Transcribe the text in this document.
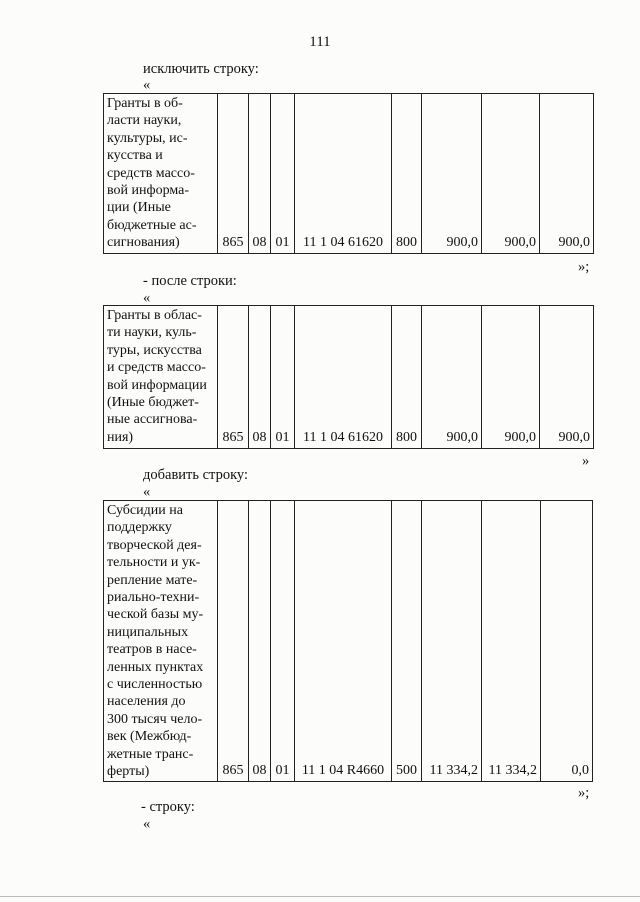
111
исключить строку:
«
Гранты в об-
ласти науки,
культуры, ис-
кусства и
средств массо-
вой информа-
ции (Иные
бюджетные ас-
сигнования)	865	08	01	11 1 04 61620	800	900,0	900,0	900,0
»;
- после строки:
«
Гранты в облас-
ти науки, куль-
туры, искусства
и средств массо-
вой информации
(Иные бюджет-
ные ассигнова-
ния)	865	08	01	11 1 04 61620	800	900,0	900,0	900,0
»
добавить строку:
«
Субсидии на
поддержку
творческой дея-
тельности и ук-
репление мате-
риально-техни-
ческой базы му-
ниципальных
театров в насе-
ленных пунктах
с численностью
населения до
300 тысяч чело-
век (Межбюд-
жетные транс-
ферты)	865	08	01	11 1 04 R4660	500	11 334,2	11 334,2	0,0
»;
- строку:
«
